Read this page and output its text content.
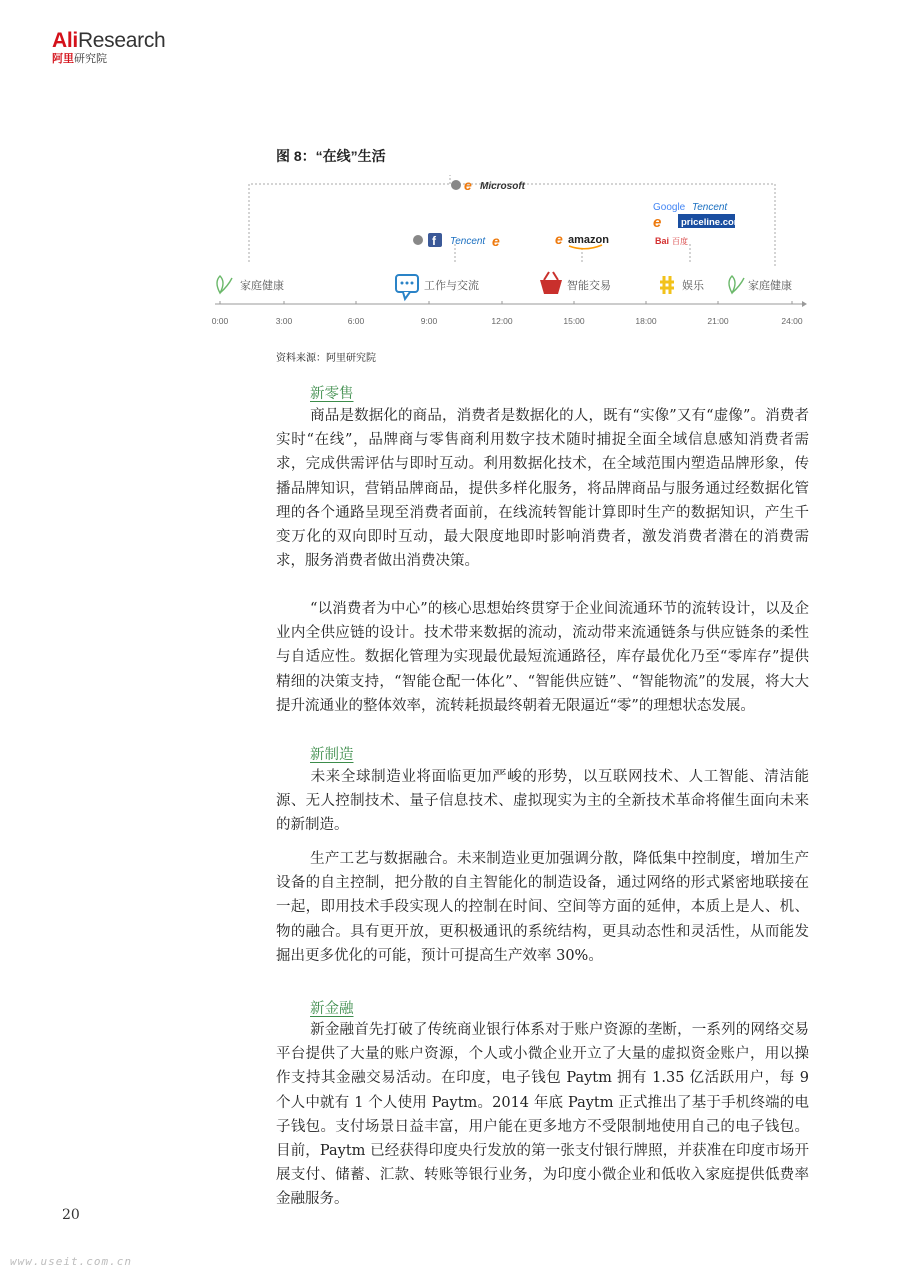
AliResearch
阿里研究院
图 8：“在线”生活
e Microsoft
f Tencent e	e amazon
Google Tencent
e priceline.com
Bai 百度
家庭健康	工作与交流	智能交易	娱乐	家庭健康
0:00	3:00	6:00	9:00	12:00	15:00	18:00	21:00	24:00
资料来源：阿里研究院
新零售
商品是数据化的商品，消费者是数据化的人，既有“实像”又有“虚像”。消费者实时“在线”，品牌商与零售商利用数字技术随时捕捉全面全域信息感知消费者需求，完成供需评估与即时互动。利用数据化技术，在全域范围内塑造品牌形象，传播品牌知识，营销品牌商品，提供多样化服务，将品牌商品与服务通过经数据化管理的各个通路呈现至消费者面前，在线流转智能计算即时生产的数据知识，产生千变万化的双向即时互动，最大限度地即时影响消费者，激发消费者潜在的消费需求，服务消费者做出消费决策。
“以消费者为中心”的核心思想始终贯穿于企业间流通环节的流转设计，以及企业内全供应链的设计。技术带来数据的流动，流动带来流通链条与供应链条的柔性与自适应性。数据化管理为实现最优最短流通路径，库存最优化乃至“零库存”提供精细的决策支持，“智能仓配一体化”、“智能供应链”、“智能物流”的发展，将大大提升流通业的整体效率，流转耗损最终朝着无限逼近“零”的理想状态发展。
新制造
未来全球制造业将面临更加严峻的形势，以互联网技术、人工智能、清洁能源、无人控制技术、量子信息技术、虚拟现实为主的全新技术革命将催生面向未来的新制造。
生产工艺与数据融合。未来制造业更加强调分散，降低集中控制度，增加生产设备的自主控制，把分散的自主智能化的制造设备，通过网络的形式紧密地联接在一起，即用技术手段实现人的控制在时间、空间等方面的延伸，本质上是人、机、物的融合。具有更开放，更积极通讯的系统结构，更具动态性和灵活性，从而能发掘出更多优化的可能，预计可提高生产效率 30%。
新金融
新金融首先打破了传统商业银行体系对于账户资源的垄断，一系列的网络交易平台提供了大量的账户资源，个人或小微企业开立了大量的虚拟资金账户，用以操作支持其金融交易活动。在印度，电子钱包 Paytm 拥有 1.35 亿活跃用户，每 9 个人中就有 1 个人使用 Paytm。2014 年底 Paytm 正式推出了基于手机终端的电子钱包。支付场景日益丰富，用户能在更多地方不受限制地使用自己的电子钱包。目前，Paytm 已经获得印度央行发放的第一张支付银行牌照，并获准在印度市场开展支付、储蓄、汇款、转账等银行业务，为印度小微企业和低收入家庭提供低费率金融服务。
20
www.useit.com.cn
